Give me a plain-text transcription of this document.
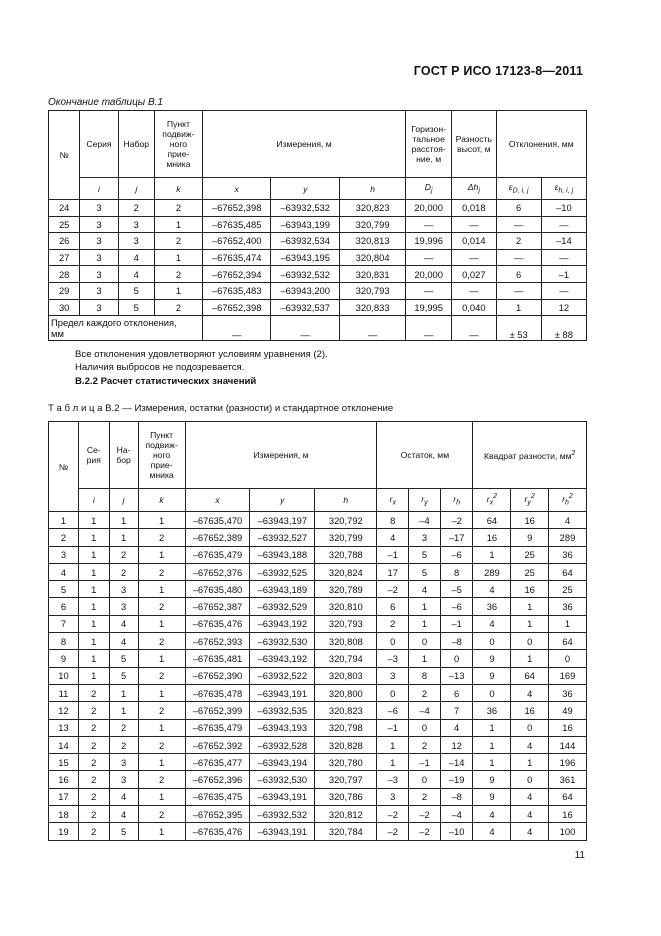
ГОСТ Р ИСО 17123-8—2011
Окончание таблицы В.1
№	Серия	Набор	Пункт
подвиж-
ного
прие-
мника	Измерения, м			Горизон-
тальное
расстоя-
ние, м	Разность
высот, м	Отклонения, мм	
	i	j	k	x	y	h	$D_j$	$\Delta h_j$	$\varepsilon_{D, i, j}$	$\varepsilon_{h, i, j}$
24	3	2	2	–67652,398	–63932,532	320,823	20,000	0,018	6	–10
25	3	3	1	–67635,485	–63943,199	320,799	—	—	—	—
26	3	3	2	–67652,400	–63932,534	320,813	19,996	0,014	2	–14
27	3	4	1	–67635,474	–63943,195	320,804	—	—	—	—
28	3	4	2	–67652,394	–63932,532	320,831	20,000	0,027	6	–1
29	3	5	1	–67635,483	–63943,200	320,793	—	—	—	—
30	3	5	2	–67652,398	–63932,537	320,833	19,995	0,040	1	12
Предел каждого отклонения,
мм				—	—	—	—	—	± 53	± 88
Все отклонения удовлетворяют условиям уравнения (2).
Наличия выбросов не подозревается.
В.2.2 Расчет статистических значений
Т а б л и ц а В.2 — Измерения, остатки (разности) и стандартное отклонение
№	Се-
рия	На-
бор	Пункт
подвиж-
ного
прие-
мника	Измерения, м			Остаток, мм			Квадрат разности, $мм^2$
	i	j	k	x	y	h	$r_x$	$r_y$	$r_h$	$r_x^2$	$r_y^2$	$r_h^2$
1	1	1	1	–67635,470	–63943,197	320,792	8	–4	–2	64	16	4
2	1	1	2	–67652,389	–63932,527	320,799	4	3	–17	16	9	289
3	1	2	1	–67635,479	–63943,188	320,788	–1	5	–6	1	25	36
4	1	2	2	–67652,376	–63932,525	320,824	17	5	8	289	25	64
5	1	3	1	–67635,480	–63943,189	320,789	–2	4	–5	4	16	25
6	1	3	2	–67652,387	–63932,529	320,810	6	1	–6	36	1	36
7	1	4	1	–67635,476	–63943,192	320,793	2	1	–1	4	1	1
8	1	4	2	–67652,393	–63932,530	320,808	0	0	–8	0	0	64
9	1	5	1	–67635,481	–63943,192	320,794	–3	1	0	9	1	0
10	1	5	2	–67652,390	–63932,522	320,803	3	8	–13	9	64	169
11	2	1	1	–67635,478	–63943,191	320,800	0	2	6	0	4	36
12	2	1	2	–67652,399	–63932,535	320,823	–6	–4	7	36	16	49
13	2	2	1	–67635,479	–63943,193	320,798	–1	0	4	1	0	16
14	2	2	2	–67652,392	–63932,528	320,828	1	2	12	1	4	144
15	2	3	1	–67635,477	–63943,194	320,780	1	–1	–14	1	1	196
16	2	3	2	–67652,396	–63932,530	320,797	–3	0	–19	9	0	361
17	2	4	1	–67635,475	–63943,191	320,786	3	2	–8	9	4	64
18	2	4	2	–67652,395	–63932,532	320,812	–2	–2	–4	4	4	16
19	2	5	1	–67635,476	–63943,191	320,784	–2	–2	–10	4	4	100
11
